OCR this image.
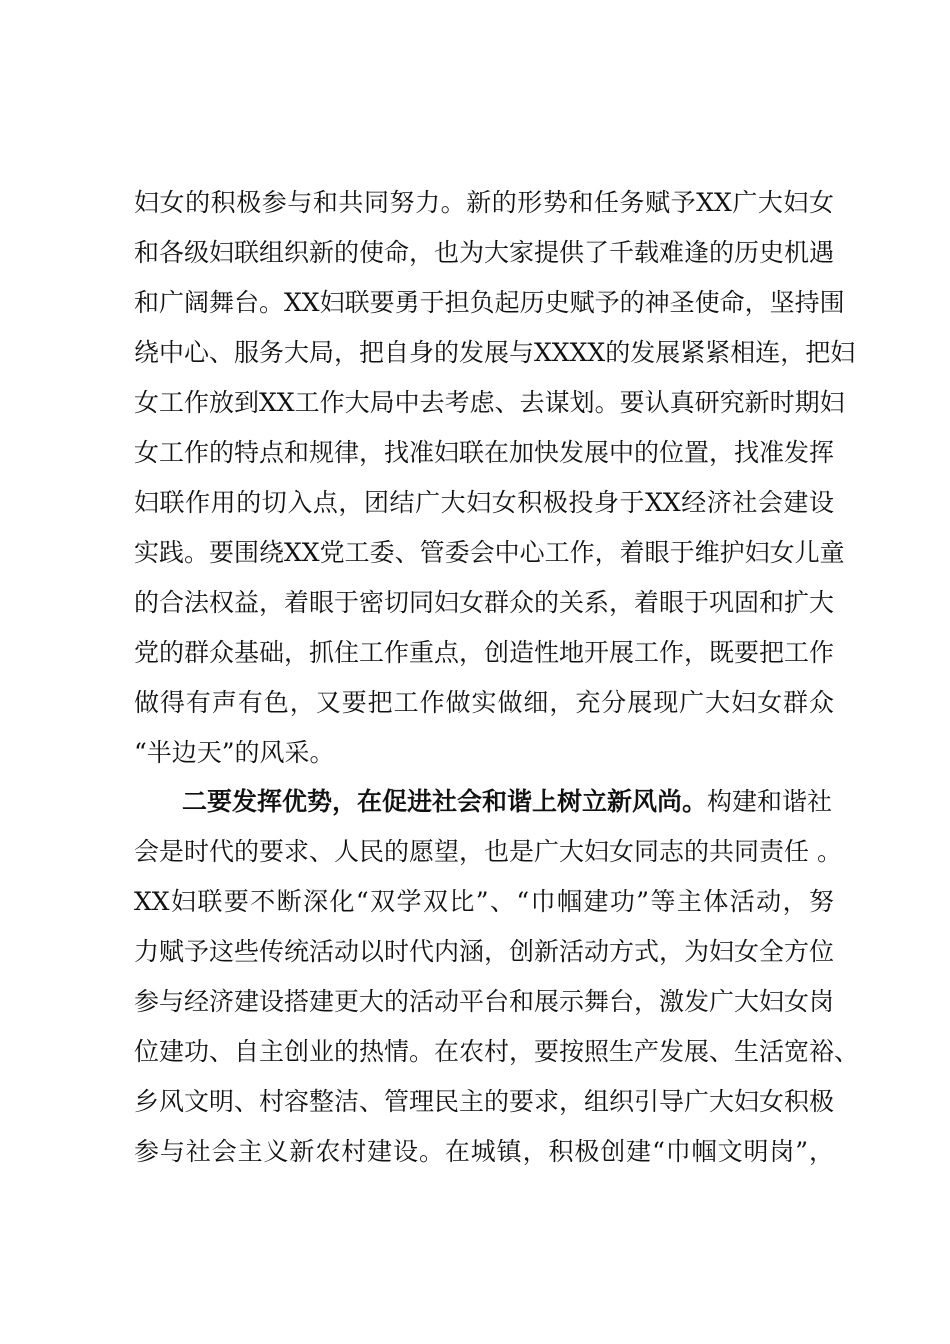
妇女的积极参与和共同努力。新的形势和任务赋予XX广大妇女
和各级妇联组织新的使命，也为大家提供了千载难逢的历史机遇
和广阔舞台。XX妇联要勇于担负起历史赋予的神圣使命，坚持围
绕中心、服务大局，把自身的发展与XXXX的发展紧紧相连，把妇
女工作放到XX工作大局中去考虑、去谋划。要认真研究新时期妇
女工作的特点和规律，找准妇联在加快发展中的位置，找准发挥
妇联作用的切入点，团结广大妇女积极投身于XX经济社会建设
实践。要围绕XX党工委、管委会中心工作，着眼于维护妇女儿童
的合法权益，着眼于密切同妇女群众的关系，着眼于巩固和扩大
党的群众基础，抓住工作重点，创造性地开展工作，既要把工作
做得有声有色，又要把工作做实做细，充分展现广大妇女群众
“半边天”的风采。
二要发挥优势，在促进社会和谐上树立新风尚。构建和谐社
会是时代的要求、人民的愿望，也是广大妇女同志的共同责任 。
XX妇联要不断深化“双学双比”、“巾帼建功”等主体活动，努
力赋予这些传统活动以时代内涵，创新活动方式，为妇女全方位
参与经济建设搭建更大的活动平台和展示舞台，激发广大妇女岗
位建功、自主创业的热情。在农村，要按照生产发展、生活宽裕、
乡风文明、村容整洁、管理民主的要求，组织引导广大妇女积极
参与社会主义新农村建设。在城镇，积极创建“巾帼文明岗”，
